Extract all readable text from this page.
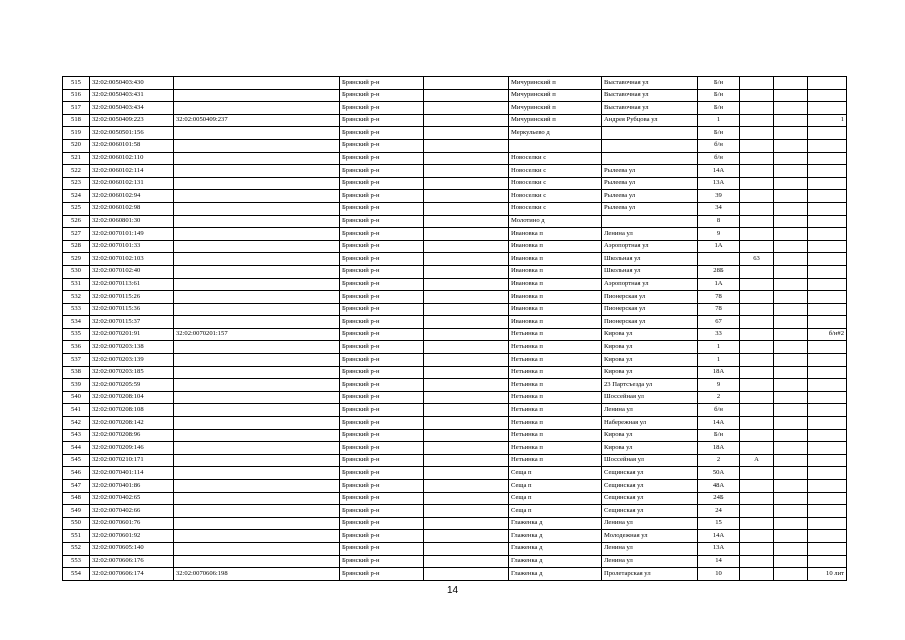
515	32:02:0050403:430		Брянский р-н		Мичуринский п	Выставочная ул	Б/н			
516	32:02:0050403:431		Брянский р-н		Мичуринский п	Выставочная ул	Б/н			
517	32:02:0050403:434		Брянский р-н		Мичуринский п	Выставочная ул	Б/н			
518	32:02:0050409:223	32:02:0050409:237	Брянский р-н		Мичуринский п	Андрея Рубцова ул	1			1
519	32:02:0050501:156		Брянский р-н		Меркульево д		Б/н			
520	32:02:0060101:58		Брянский р-н				б/н			
521	32:02:0060102:110		Брянский р-н		Новоселки с		б/н			
522	32:02:0060102:114		Брянский р-н		Новоселки с	Рылеева ул	14А			
523	32:02:0060102:131		Брянский р-н		Новоселки с	Рылеева ул	13А			
524	32:02:0060102:94		Брянский р-н		Новоселки с	Рылеева ул	39			
525	32:02:0060102:98		Брянский р-н		Новоселки с	Рылеева ул	34			
526	32:02:0060801:30		Брянский р-н		Молотино д		8			
527	32:02:0070101:149		Брянский р-н		Ивановка п	Ленина ул	9			
528	32:02:0070101:33		Брянский р-н		Ивановка п	Аэропортная ул	1А			
529	32:02:0070102:103		Брянский р-н		Ивановка п	Школьная ул		63		
530	32:02:0070102:40		Брянский р-н		Ивановка п	Школьная ул	28Б			
531	32:02:0070113:61		Брянский р-н		Ивановка п	Аэропортная ул	1А			
532	32:02:0070115:26		Брянский р-н		Ивановка п	Пионерская ул	78			
533	32:02:0070115:36		Брянский р-н		Ивановка п	Пионерская ул	78			
534	32:02:0070115:37		Брянский р-н		Ивановка п	Пионерская ул	67			
535	32:02:0070201:91	32:02:0070201:157	Брянский р-н		Нетьинка п	Кирова ул	33			б/н#2
536	32:02:0070203:138		Брянский р-н		Нетьинка п	Кирова ул	1			
537	32:02:0070203:139		Брянский р-н		Нетьинка п	Кирова ул	1			
538	32:02:0070203:185		Брянский р-н		Нетьинка п	Кирова ул	18А			
539	32:02:0070205:59		Брянский р-н		Нетьинка п	23 Партсъезда ул	9			
540	32:02:0070208:104		Брянский р-н		Нетьинка п	Шоссейная ул	2			
541	32:02:0070208:108		Брянский р-н		Нетьинка п	Ленина ул	б/н			
542	32:02:0070208:142		Брянский р-н		Нетьинка п	Набережная ул	14А			
543	32:02:0070208:96		Брянский р-н		Нетьинка п	Кирова ул	Б/н			
544	32:02:0070209:146		Брянский р-н		Нетьинка п	Кирова ул	18А			
545	32:02:0070210:171		Брянский р-н		Нетьинка п	Шоссейная ул	2	А		
546	32:02:0070401:114		Брянский р-н		Сеща п	Сещинская ул	50А			
547	32:02:0070401:86		Брянский р-н		Сеща п	Сещинская ул	48А			
548	32:02:0070402:65		Брянский р-н		Сеща п	Сещинская ул	24Б			
549	32:02:0070402:66		Брянский р-н		Сеща п	Сещинская ул	24			
550	32:02:0070601:76		Брянский р-н		Глаженка д	Ленина ул	15			
551	32:02:0070601:92		Брянский р-н		Глаженка д	Молодежная ул	14А			
552	32:02:0070605:140		Брянский р-н		Глаженка д	Ленина ул	13А			
553	32:02:0070606:176		Брянский р-н		Глаженка д	Ленина ул	14			
554	32:02:0070606:174	32:02:0070606:198	Брянский р-н		Глаженка д	Пролетарская ул	10			10 лит
14
